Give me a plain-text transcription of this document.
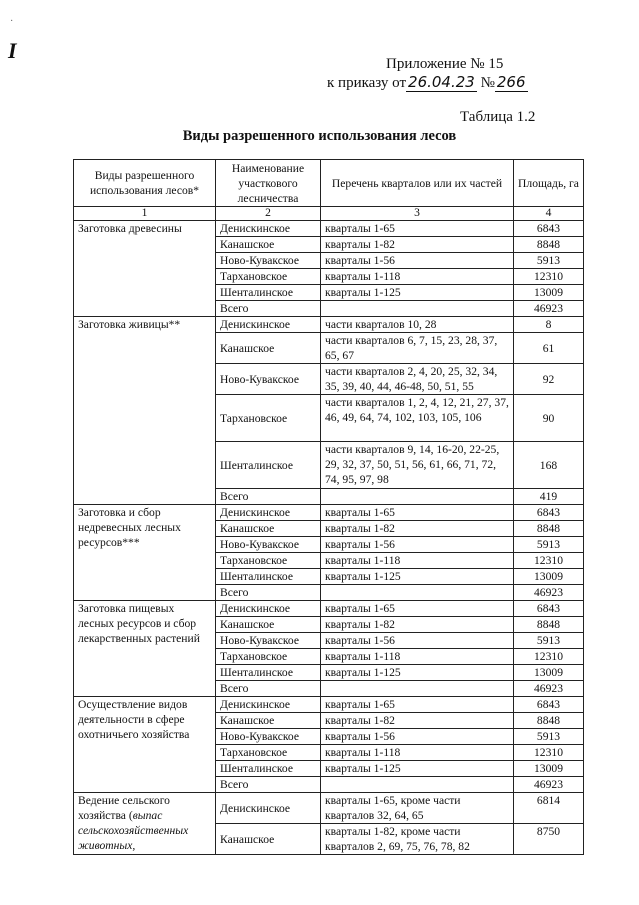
·
I
Приложение № 15
к приказу от 26.04.23 № 266
Таблица 1.2
Виды разрешенного использования лесов
Виды разрешенного использования лесов*	Наименование участкового лесничества	Перечень кварталов или их частей	Площадь, га
1	2	3	4
Заготовка древесины	Денискинское	кварталы 1-65	6843
	Канашское	кварталы 1-82	8848
	Ново-Кувакское	кварталы 1-56	5913
	Тархановское	кварталы 1-118	12310
	Шенталинское	кварталы 1-125	13009
	Всего		46923
Заготовка живицы**	Денискинское	части кварталов 10, 28	8
	Канашское	части кварталов 6, 7, 15, 23, 28, 37, 65, 67	61
	Ново-Кувакское	части кварталов 2, 4, 20, 25, 32, 34, 35, 39, 40, 44, 46-48, 50, 51, 55	92
	Тархановское	части кварталов 1, 2, 4, 12, 21, 27, 37, 46, 49, 64, 74, 102, 103, 105, 106	90
	Шенталинское	части кварталов 9, 14, 16-20, 22-25, 29, 32, 37, 50, 51, 56, 61, 66, 71, 72, 74, 95, 97, 98	168
	Всего		419
Заготовка и сбор недревесных лесных ресурсов***	Денискинское	кварталы 1-65	6843
	Канашское	кварталы 1-82	8848
	Ново-Кувакское	кварталы 1-56	5913
	Тархановское	кварталы 1-118	12310
	Шенталинское	кварталы 1-125	13009
	Всего		46923
Заготовка пищевых лесных ресурсов и сбор лекарственных растений	Денискинское	кварталы 1-65	6843
	Канашское	кварталы 1-82	8848
	Ново-Кувакское	кварталы 1-56	5913
	Тархановское	кварталы 1-118	12310
	Шенталинское	кварталы 1-125	13009
	Всего		46923
Осуществление видов деятельности в сфере охотничьего хозяйства	Денискинское	кварталы 1-65	6843
	Канашское	кварталы 1-82	8848
	Ново-Кувакское	кварталы 1-56	5913
	Тархановское	кварталы 1-118	12310
	Шенталинское	кварталы 1-125	13009
	Всего		46923
Ведение сельского хозяйства (выпас сельскохозяйственных животных,	Денискинское	кварталы 1-65, кроме части кварталов 32, 64, 65	6814
	Канашское	кварталы 1-82, кроме части кварталов 2, 69, 75, 76, 78, 82	8750
